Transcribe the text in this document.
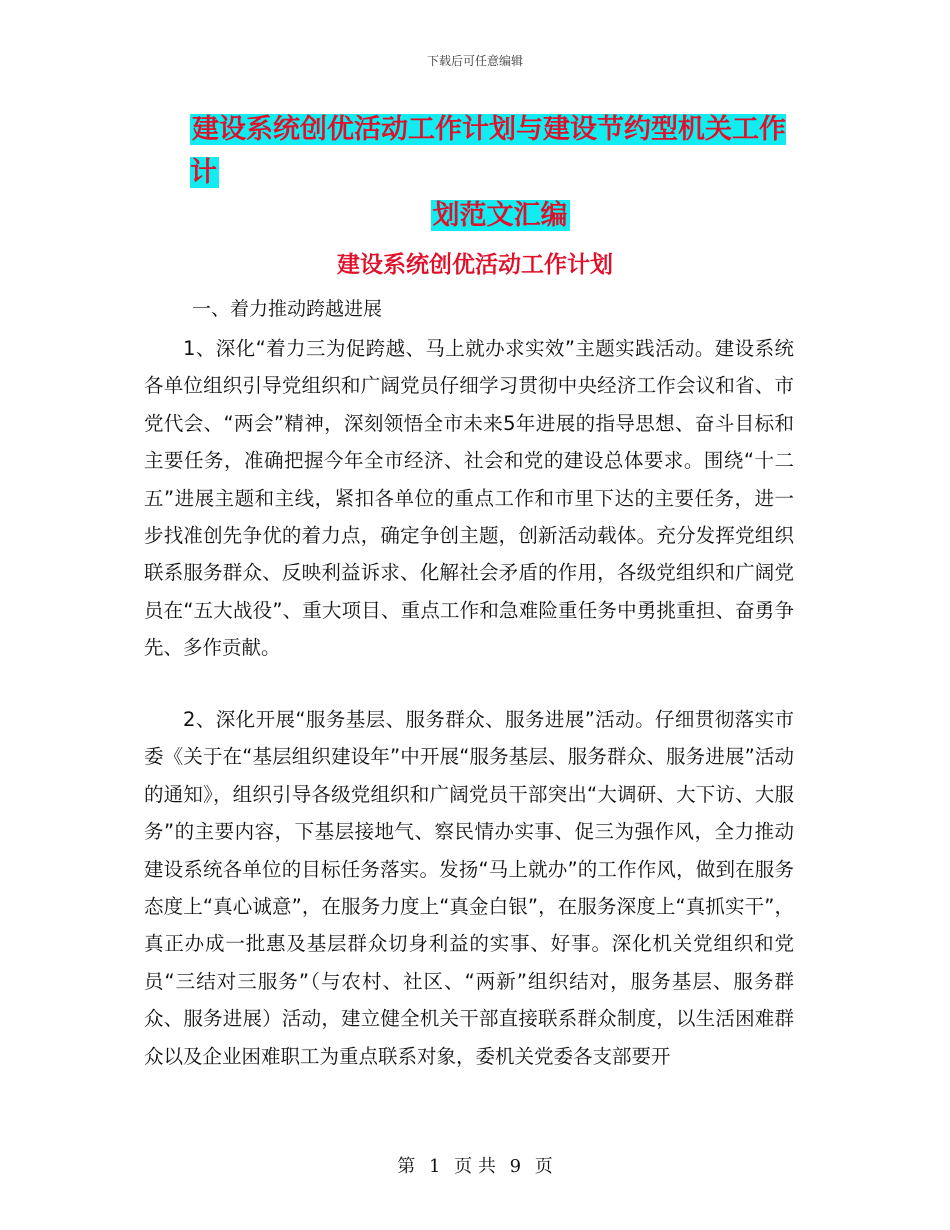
下载后可任意编辑
建设系统创优活动工作计划与建设节约型机关工作计
划范文汇编
建设系统创优活动工作计划
一、着力推动跨越进展
1、深化“着力三为促跨越、马上就办求实效”主题实践活动。建设系统各单位组织引导党组织和广阔党员仔细学习贯彻中央经济工作会议和省、市党代会、“两会”精神，深刻领悟全市未来5年进展的指导思想、奋斗目标和主要任务，准确把握今年全市经济、社会和党的建设总体要求。围绕“十二五”进展主题和主线，紧扣各单位的重点工作和市里下达的主要任务，进一步找准创先争优的着力点，确定争创主题，创新活动载体。充分发挥党组织联系服务群众、反映利益诉求、化解社会矛盾的作用，各级党组织和广阔党员在“五大战役”、重大项目、重点工作和急难险重任务中勇挑重担、奋勇争先、多作贡献。
2、深化开展“服务基层、服务群众、服务进展”活动。仔细贯彻落实市委《关于在“基层组织建设年”中开展“服务基层、服务群众、服务进展”活动的通知》，组织引导各级党组织和广阔党员干部突出“大调研、大下访、大服务”的主要内容，下基层接地气、察民情办实事、促三为强作风，全力推动建设系统各单位的目标任务落实。发扬“马上就办”的工作作风，做到在服务态度上“真心诚意”，在服务力度上“真金白银”，在服务深度上“真抓实干”，真正办成一批惠及基层群众切身利益的实事、好事。深化机关党组织和党员“三结对三服务”（与农村、社区、“两新”组织结对，服务基层、服务群众、服务进展）活动，建立健全机关干部直接联系群众制度，以生活困难群众以及企业困难职工为重点联系对象，委机关党委各支部要开
第 1 页 共 9 页
